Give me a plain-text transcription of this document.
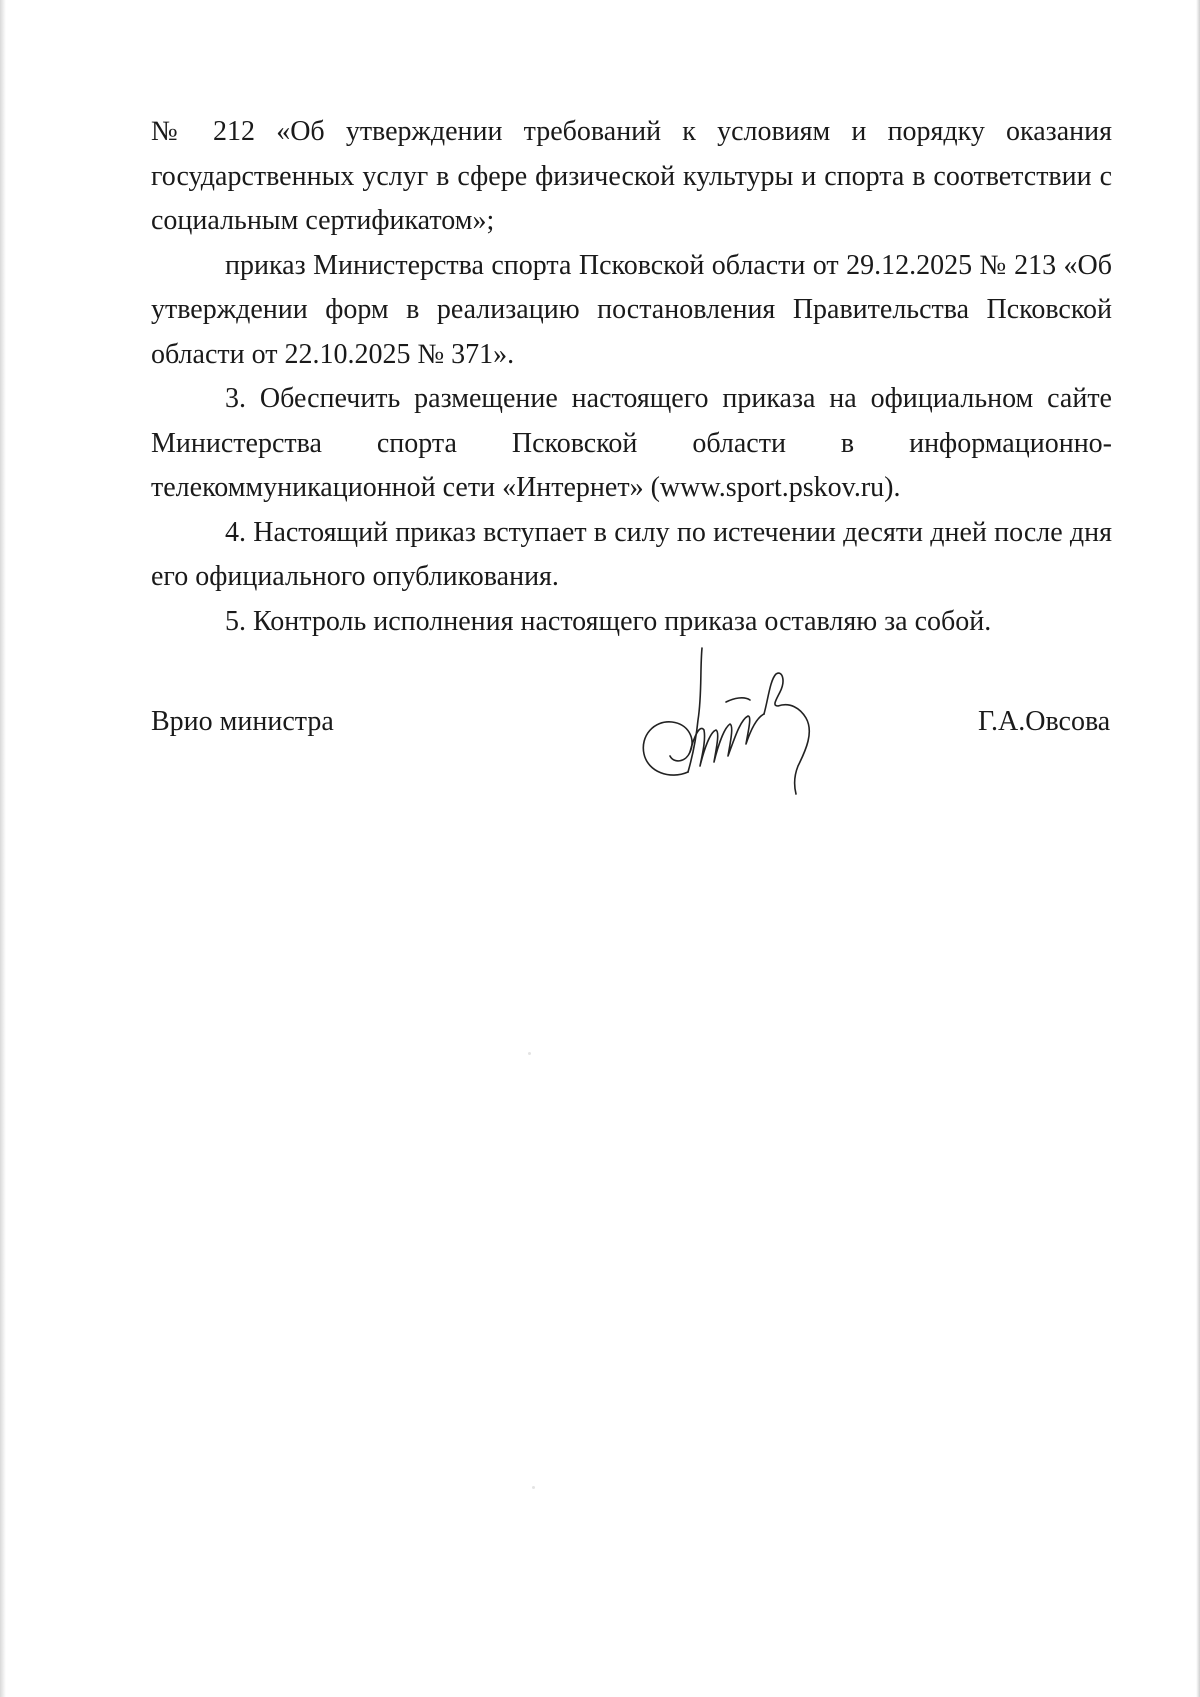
№ 212 «Об утверждении требований к условиям и порядку оказания государственных услуг в сфере физической культуры и спорта в соответствии с социальным сертификатом»;

приказ Министерства спорта Псковской области от 29.12.2025 № 213 «Об утверждении форм в реализацию постановления Правительства Псковской области от 22.10.2025 № 371».

3. Обеспечить размещение настоящего приказа на официальном сайте Министерства спорта Псковской области в информационно-телекоммуникационной сети «Интернет» (www.sport.pskov.ru).

4. Настоящий приказ вступает в силу по истечении десяти дней после дня его официального опубликования.

5. Контроль исполнения настоящего приказа оставляю за собой.

Врио министра	Г.А.Овсова
